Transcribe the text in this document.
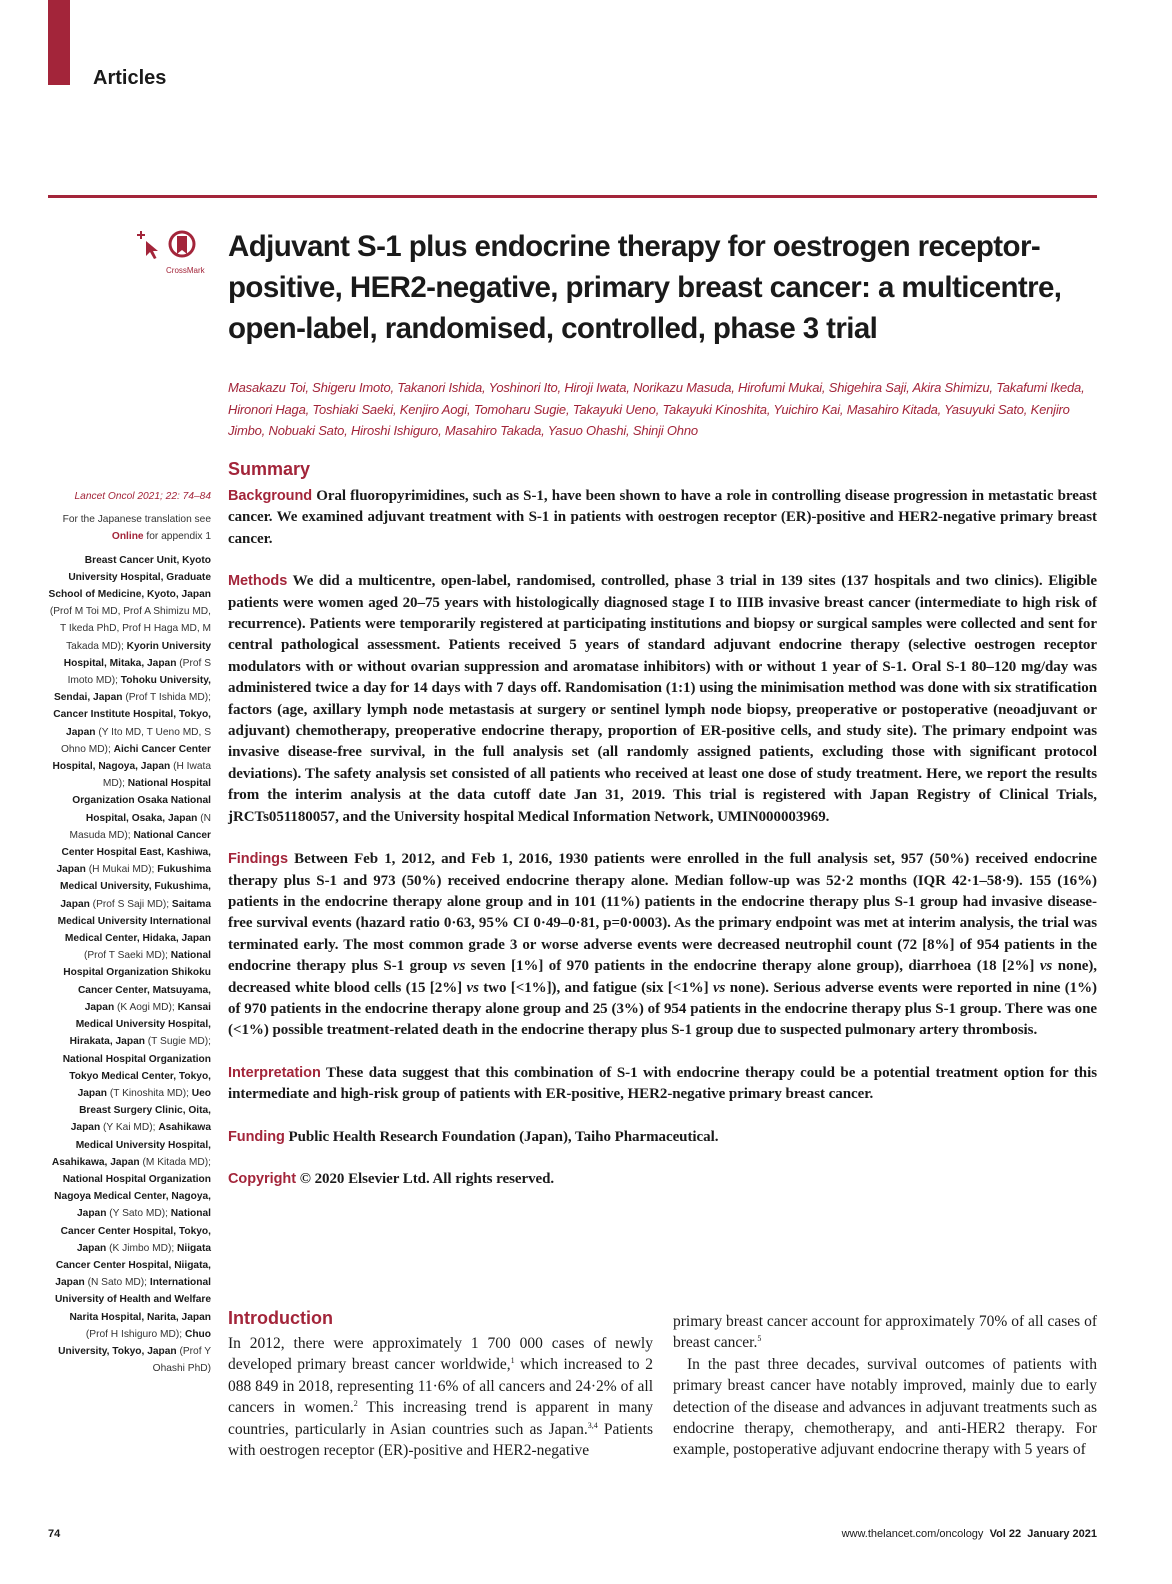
Articles
CrossMark
Adjuvant S-1 plus endocrine therapy for oestrogen receptor-positive, HER2-negative, primary breast cancer: a multicentre, open-label, randomised, controlled, phase 3 trial

Masakazu Toi, Shigeru Imoto, Takanori Ishida, Yoshinori Ito, Hiroji Iwata, Norikazu Masuda, Hirofumi Mukai, Shigehira Saji, Akira Shimizu, Takafumi Ikeda, Hironori Haga, Toshiaki Saeki, Kenjiro Aogi, Tomoharu Sugie, Takayuki Ueno, Takayuki Kinoshita, Yuichiro Kai, Masahiro Kitada, Yasuyuki Sato, Kenjiro Jimbo, Nobuaki Sato, Hiroshi Ishiguro, Masahiro Takada, Yasuo Ohashi, Shinji Ohno

Summary

Background Oral fluoropyrimidines, such as S-1, have been shown to have a role in controlling disease progression in metastatic breast cancer. We examined adjuvant treatment with S-1 in patients with oestrogen receptor (ER)-positive and HER2-negative primary breast cancer.

Methods We did a multicentre, open-label, randomised, controlled, phase 3 trial in 139 sites (137 hospitals and two clinics). Eligible patients were women aged 20–75 years with histologically diagnosed stage I to IIIB invasive breast cancer (intermediate to high risk of recurrence). Patients were temporarily registered at participating institutions and biopsy or surgical samples were collected and sent for central pathological assessment. Patients received 5 years of standard adjuvant endocrine therapy (selective oestrogen receptor modulators with or without ovarian suppression and aromatase inhibitors) with or without 1 year of S-1. Oral S-1 80–120 mg/day was administered twice a day for 14 days with 7 days off. Randomisation (1:1) using the minimisation method was done with six stratification factors (age, axillary lymph node metastasis at surgery or sentinel lymph node biopsy, preoperative or postoperative (neoadjuvant or adjuvant) chemotherapy, preoperative endocrine therapy, proportion of ER-positive cells, and study site). The primary endpoint was invasive disease-free survival, in the full analysis set (all randomly assigned patients, excluding those with significant protocol deviations). The safety analysis set consisted of all patients who received at least one dose of study treatment. Here, we report the results from the interim analysis at the data cutoff date Jan 31, 2019. This trial is registered with Japan Registry of Clinical Trials, jRCTs051180057, and the University hospital Medical Information Network, UMIN000003969.

Findings Between Feb 1, 2012, and Feb 1, 2016, 1930 patients were enrolled in the full analysis set, 957 (50%) received endocrine therapy plus S-1 and 973 (50%) received endocrine therapy alone. Median follow-up was 52·2 months (IQR 42·1–58·9). 155 (16%) patients in the endocrine therapy alone group and in 101 (11%) patients in the endocrine therapy plus S-1 group had invasive disease-free survival events (hazard ratio 0·63, 95% CI 0·49–0·81, p=0·0003). As the primary endpoint was met at interim analysis, the trial was terminated early. The most common grade 3 or worse adverse events were decreased neutrophil count (72 [8%] of 954 patients in the endocrine therapy plus S-1 group vs seven [1%] of 970 patients in the endocrine therapy alone group), diarrhoea (18 [2%] vs none), decreased white blood cells (15 [2%] vs two [<1%]), and fatigue (six [<1%] vs none). Serious adverse events were reported in nine (1%) of 970 patients in the endocrine therapy alone group and 25 (3%) of 954 patients in the endocrine therapy plus S-1 group. There was one (<1%) possible treatment-related death in the endocrine therapy plus S-1 group due to suspected pulmonary artery thrombosis.

Interpretation These data suggest that this combination of S-1 with endocrine therapy could be a potential treatment option for this intermediate and high-risk group of patients with ER-positive, HER2-negative primary breast cancer.

Funding Public Health Research Foundation (Japan), Taiho Pharmaceutical.

Copyright © 2020 Elsevier Ltd. All rights reserved.

Lancet Oncol 2021; 22: 74–84

For the Japanese translation see Online for appendix 1

Breast Cancer Unit, Kyoto University Hospital, Graduate School of Medicine, Kyoto, Japan (Prof M Toi MD, Prof A Shimizu MD, T Ikeda PhD, Prof H Haga MD, M Takada MD); Kyorin University Hospital, Mitaka, Japan (Prof S Imoto MD); Tohoku University, Sendai, Japan (Prof T Ishida MD); Cancer Institute Hospital, Tokyo, Japan (Y Ito MD, T Ueno MD, S Ohno MD); Aichi Cancer Center Hospital, Nagoya, Japan (H Iwata MD); National Hospital Organization Osaka National Hospital, Osaka, Japan (N Masuda MD); National Cancer Center Hospital East, Kashiwa, Japan (H Mukai MD); Fukushima Medical University, Fukushima, Japan (Prof S Saji MD); Saitama Medical University International Medical Center, Hidaka, Japan (Prof T Saeki MD); National Hospital Organization Shikoku Cancer Center, Matsuyama, Japan (K Aogi MD); Kansai Medical University Hospital, Hirakata, Japan (T Sugie MD); National Hospital Organization Tokyo Medical Center, Tokyo, Japan (T Kinoshita MD); Ueo Breast Surgery Clinic, Oita, Japan (Y Kai MD); Asahikawa Medical University Hospital, Asahikawa, Japan (M Kitada MD); National Hospital Organization Nagoya Medical Center, Nagoya, Japan (Y Sato MD); National Cancer Center Hospital, Tokyo, Japan (K Jimbo MD); Niigata Cancer Center Hospital, Niigata, Japan (N Sato MD); International University of Health and Welfare Narita Hospital, Narita, Japan (Prof H Ishiguro MD); Chuo University, Tokyo, Japan (Prof Y Ohashi PhD)

Introduction

In 2012, there were approximately 1 700 000 cases of newly developed primary breast cancer worldwide,$^1$ which increased to 2 088 849 in 2018, representing 11·6% of all cancers and 24·2% of all cancers in women.$^2$ This increasing trend is apparent in many countries, particularly in Asian countries such as Japan.$^{3,4}$ Patients with oestrogen receptor (ER)-positive and HER2-negative

primary breast cancer account for approximately 70% of all cases of breast cancer.$^5$

In the past three decades, survival outcomes of patients with primary breast cancer have notably improved, mainly due to early detection of the disease and advances in adjuvant treatments such as endocrine therapy, chemotherapy, and anti-HER2 therapy. For example, postoperative adjuvant endocrine therapy with 5 years of

74	www.thelancet.com/oncology Vol 22 January 2021
